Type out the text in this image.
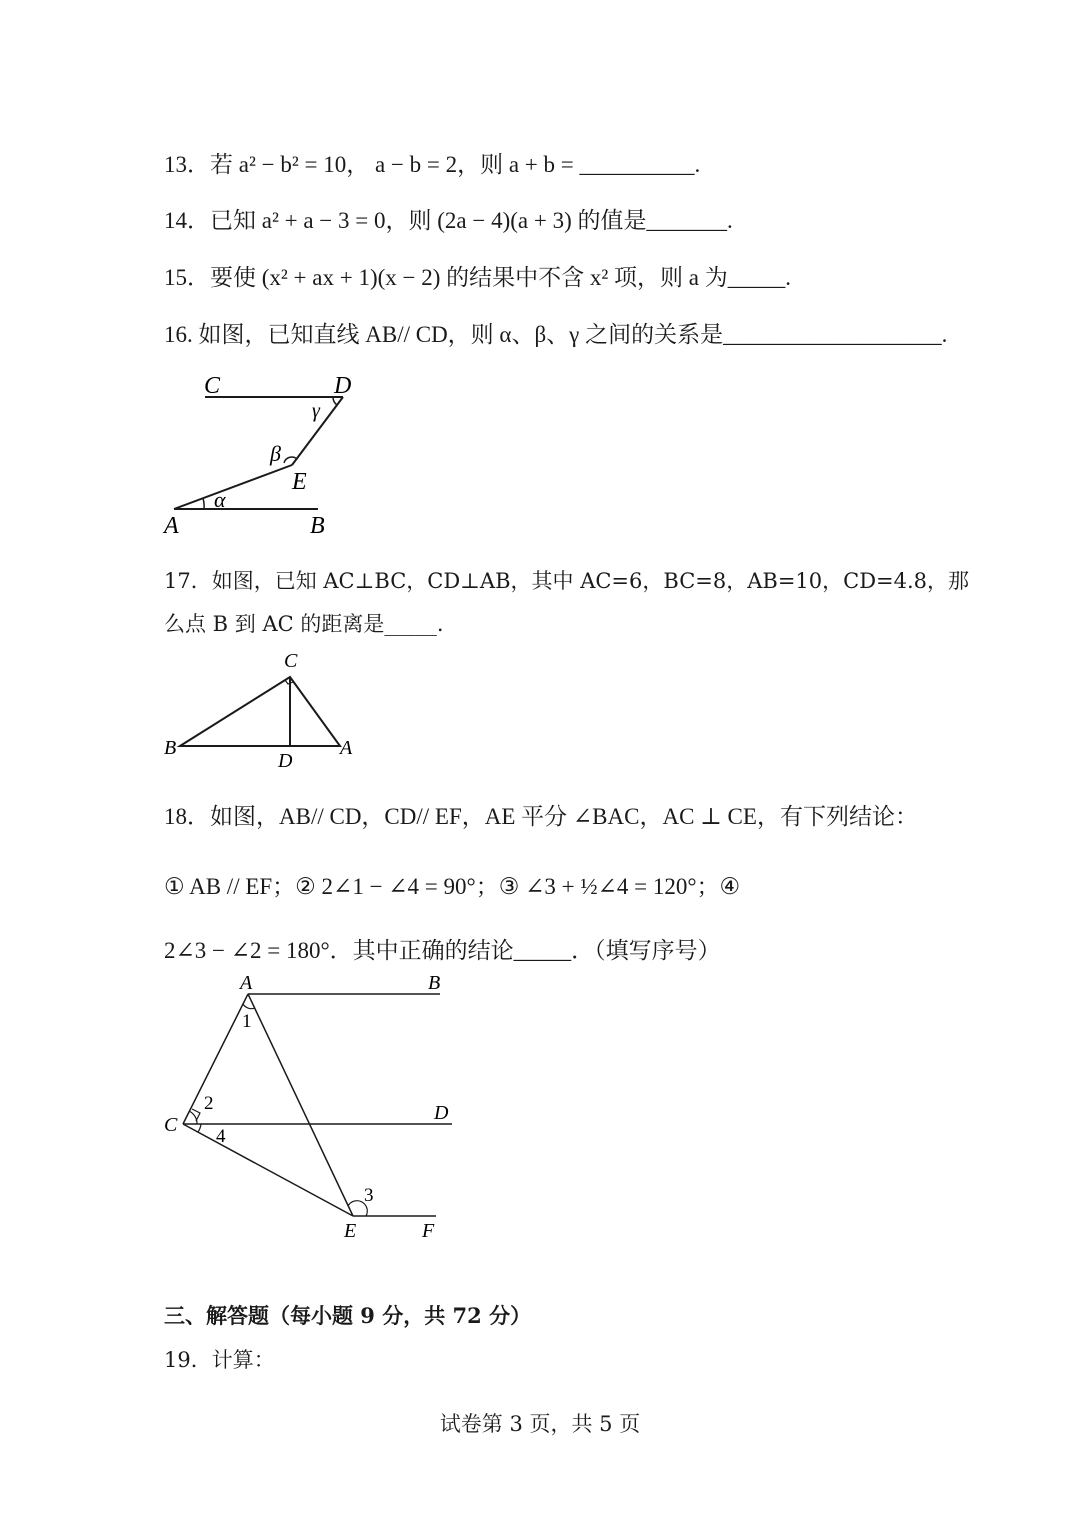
13．若 a² − b² = 10， a − b = 2，则 a + b = __________.
14．已知 a² + a − 3 = 0，则 (2a − 4)(a + 3) 的值是_______.
15．要使 (x² + ax + 1)(x − 2) 的结果中不含 x² 项，则 a 为_____.
16. 如图，已知直线 AB// CD，则 α、β、γ 之间的关系是___________________.
C	D
γ
β
E
α
A	B
17．如图，已知 AC⊥BC，CD⊥AB，其中 AC=6，BC=8，AB=10，CD=4.8，那
么点 B 到 AC 的距离是_____.
C
B
D
A
18．如图，AB// CD，CD// EF，AE 平分 ∠BAC，AC ⊥ CE，有下列结论：
① AB // EF；② 2∠1 − ∠4 = 90°；③ ∠3 + ½∠4 = 120°；④
2∠3 − ∠2 = 180°．其中正确的结论_____．（填写序号）
A	B
1
2
C
4
D
3
E	F
三、解答题（每小题 9 分，共 72 分）
19．计算：
试卷第 3 页，共 5 页
